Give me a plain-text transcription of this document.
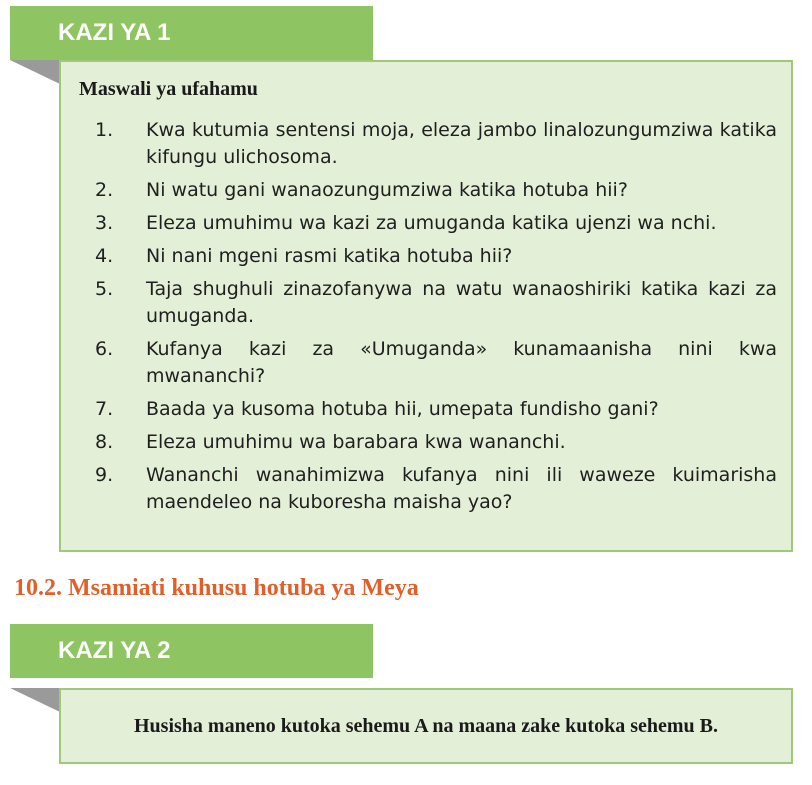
KAZI YA 1
Maswali ya ufahamu
1.	Kwa kutumia sentensi moja, eleza jambo linalozungumziwa katika kifungu ulichosoma.
2.	Ni watu gani wanaozungumziwa katika hotuba hii?
3.	Eleza umuhimu wa kazi za umuganda katika ujenzi wa nchi.
4.	Ni nani mgeni rasmi katika hotuba hii?
5.	Taja shughuli zinazofanywa na watu wanaoshiriki katika kazi za umuganda.
6.	Kufanya kazi za «Umuganda» kunamaanisha nini kwa mwananchi?
7.	Baada ya kusoma hotuba hii, umepata fundisho gani?
8.	Eleza umuhimu wa barabara kwa wananchi.
9.	Wananchi wanahimizwa kufanya nini ili waweze kuimarisha maendeleo na kuboresha maisha yao?
10.2. Msamiati kuhusu hotuba ya Meya
KAZI YA 2
Husisha maneno kutoka sehemu A na maana zake kutoka sehemu B.
